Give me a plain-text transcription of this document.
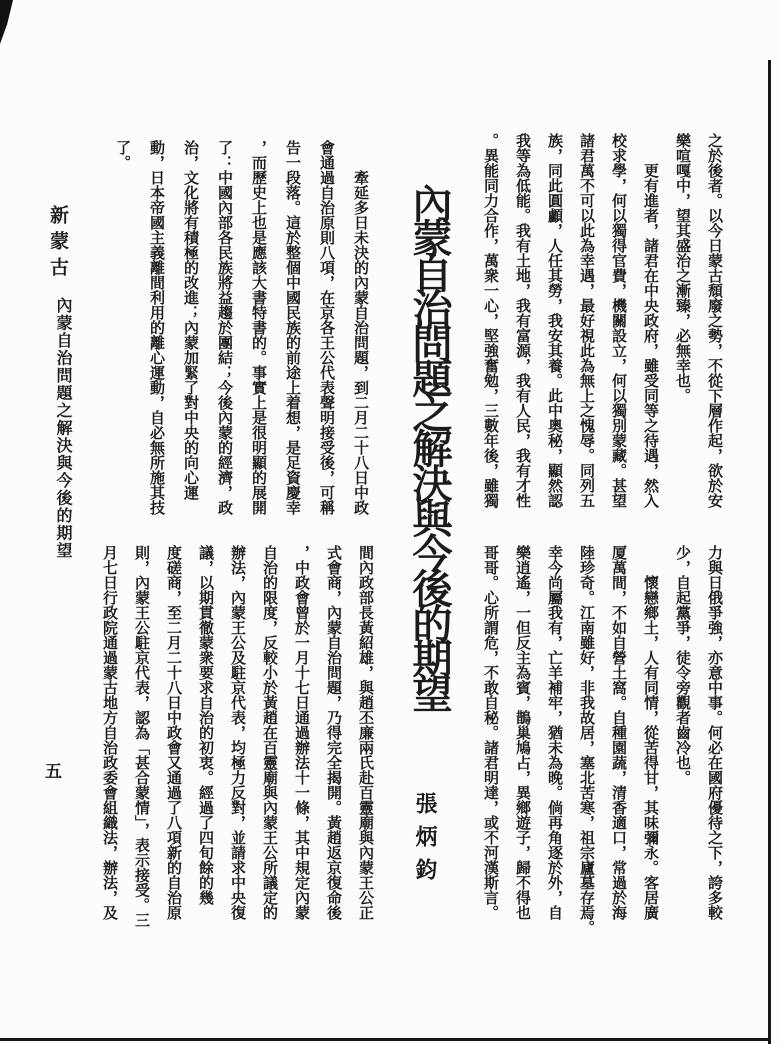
之於後者。以今日蒙古頹廢之勢，不從下層作起，欲於安
樂喧嘎中，望其盛治之漸臻，必無幸也。
　　更有進者，諸君在中央政府，雖受同等之待遇，然入
校求學，何以獨得官費，機關設立，何以獨別蒙藏。甚望
諸君萬不可以此為幸遇，最好視此為無上之愧辱。同列五
族，同此圓顱，人任其勞，我安其養。此中奧秘，顯然認
我等為低能。我有土地，我有富源，我有人民，我有才性
。異能同力合作，萬衆一心，堅強奮勉，三數年後，雖獨
力與日俄爭強，亦意中事。何必在國府優待之下，誇多較
少，自起黨爭，徒令旁觀者齒冷也。
　　懷戀鄉土，人有同情，從苦得甘，其味彌永。客居廣
厦萬間，不如自營土窩。自種園蔬，清香適口，常過於海
陸珍奇。江南雖好，非我故居，塞北苦寒，祖宗廬墓存焉。
幸今尚屬我有，亡羊補牢，猶未為晚。倘再角逐於外，自
樂逍遙，一但反主為賓，鵲巢鳩占，異鄉遊子，歸不得也
哥哥。心所謂危，不敢自秘。諸君明達，或不河漢斯言。
內蒙自治問題之解決與今後的期望
張炳鈞
　　牽延多日未決的內蒙自治問題，到二月二十八日中政
會通過自治原則八項，在京各王公代表聲明接受後，可稱
告一段落。這於整個中國民族的前途上着想，是足資慶幸
，而歷史上也是應該大書特書的。事實上是很明顯的展開
了：中國內部各民族將益趨於團結；今後內蒙的經濟，政
治，文化將有積極的改進；內蒙加緊了對中央的向心運
動，日本帝國主義離間利用的離心運動，自必無所施其技
了。
間內政部長黃紹雄，與趙丕廉兩氏赴百靈廟與內蒙王公正
式會商，內蒙自治問題，乃得完全揭開。黃趙返京復命後
，中政會曾於一月十七日通過辦法十一條，其中規定內蒙
自治的限度，反較小於黃趙在百靈廟與內蒙王公所議定的
辦法，內蒙王公及駐京代表，均極力反對，並請求中央復
議，以期貫徹蒙衆要求自治的初衷。經過了四旬餘的幾
度磋商，至二月二十八日中政會又通過了八項新的自治原
則，內蒙王公駐京代表，認為「甚合蒙情」，表示接受。三
月七日行政院通過蒙古地方自治政委會組織法，辦法，及
新蒙古
內蒙自治問題之解決與今後的期望
五
